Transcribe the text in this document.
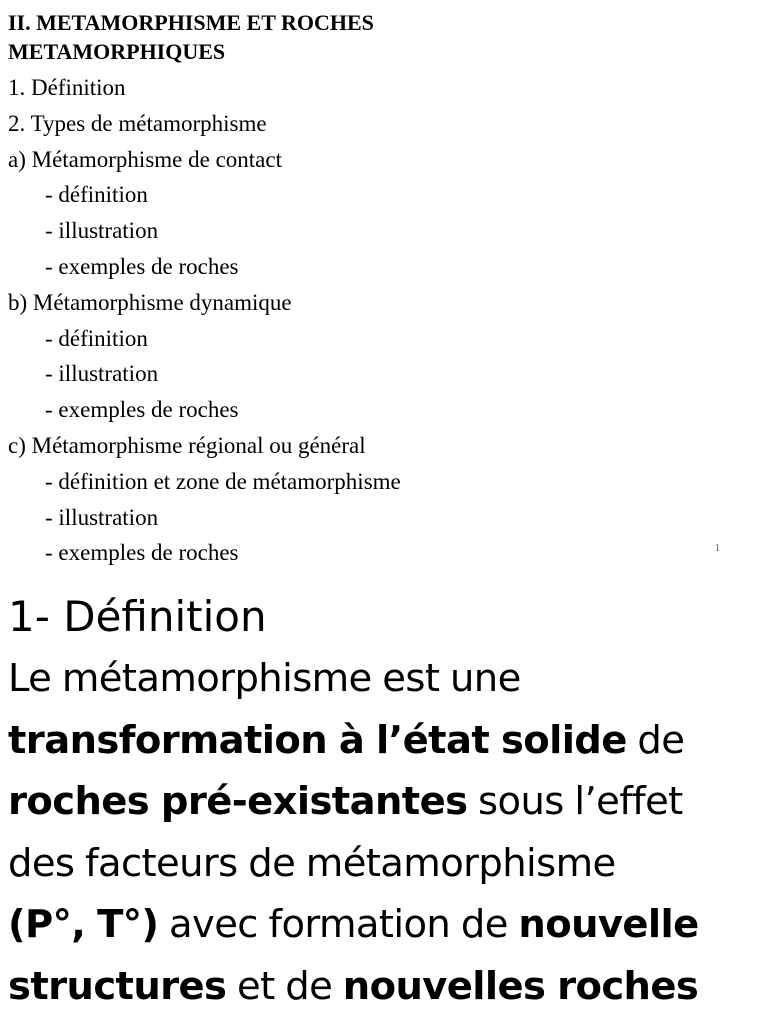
II. METAMORPHISME ET ROCHES
METAMORPHIQUES
1. Définition
2. Types de métamorphisme
a) Métamorphisme de contact
- définition
- illustration
- exemples de roches
b) Métamorphisme dynamique
- définition
- illustration
- exemples de roches
c) Métamorphisme régional ou général
- définition et zone de métamorphisme
- illustration
- exemples de roches	1
1- Définition

Le métamorphisme est une
transformation à l’état solide de
roches pré-existantes sous l’effet
des facteurs de métamorphisme
(P°, T°) avec formation de nouvelle
structures et de nouvelles roches
